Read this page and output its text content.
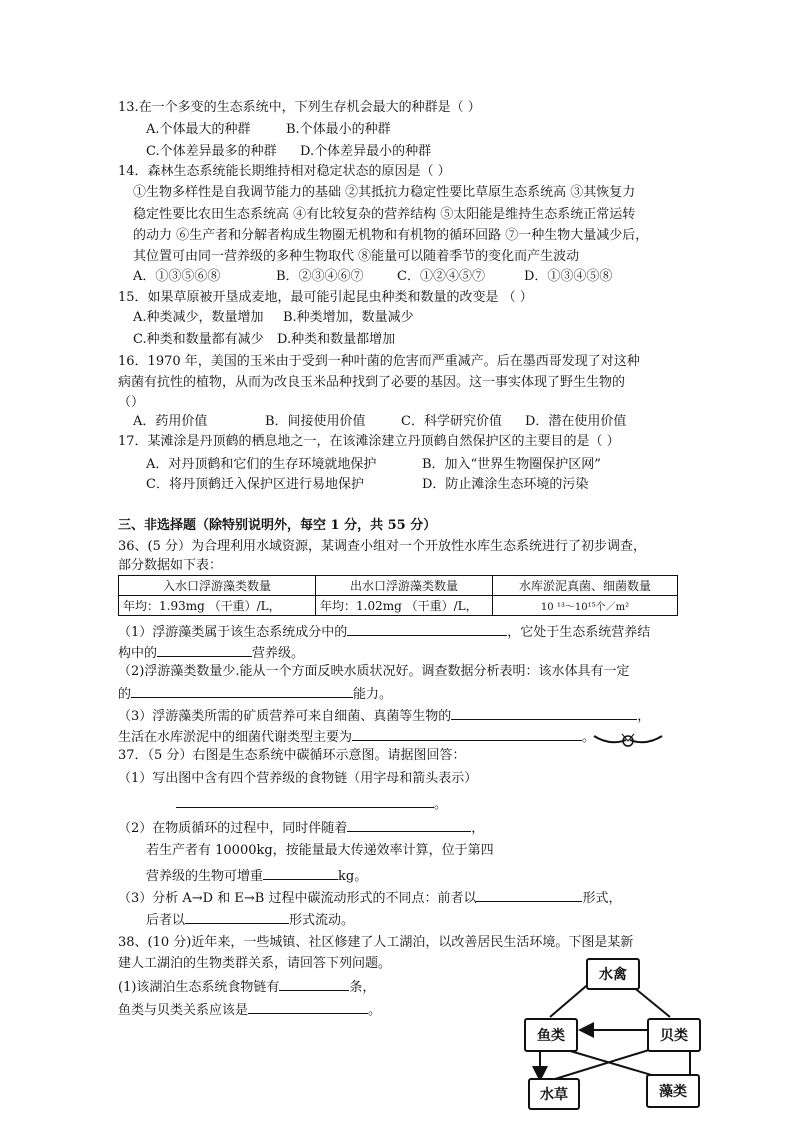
13.在一个多变的生态系统中，下列生存机会最大的种群是（ ）
A.个体最大的种群	B.个体最小的种群
C.个体差异最多的种群 D.个体差异最小的种群
14．森林生态系统能长期维持相对稳定状态的原因是（ ）
①生物多样性是自我调节能力的基础 ②其抵抗力稳定性要比草原生态系统高 ③其恢复力
稳定性要比农田生态系统高 ④有比较复杂的营养结构 ⑤太阳能是维持生态系统正常运转
的动力 ⑥生产者和分解者构成生物圈无机物和有机物的循环回路 ⑦一种生物大量减少后，
其位置可由同一营养级的多种生物取代 ⑧能量可以随着季节的变化而产生波动
A．①③⑤⑥⑧	B．②③④⑥⑦	C．①②④⑤⑦	D．①③④⑤⑧
15．如果草原被开垦成麦地，最可能引起昆虫种类和数量的改变是 （ ）
A.种类减少，数量增加 B.种类增加，数量减少
C.种类和数量都有减少 D.种类和数量都增加
16．1970 年，美国的玉米由于受到一种叶菌的危害而严重减产。后在墨西哥发现了对这种
病菌有抗性的植物，从而为改良玉米品种找到了必要的基因。这一事实体现了野生生物的
（）
A．药用价值	B．间接使用价值	C．科学研究价值 D．潜在使用价值
17．某滩涂是丹顶鹤的栖息地之一，在该滩涂建立丹顶鹤自然保护区的主要目的是（ ）
A．对丹顶鹤和它们的生存环境就地保护	B．加入“世界生物圈保护区网”
C．将丹顶鹤迁入保护区进行易地保护	D．防止滩涂生态环境的污染
三、非选择题（除特别说明外，每空 1 分，共 55 分）
36、(5 分）为合理利用水域资源，某调查小组对一个开放性水库生态系统进行了初步调查，
部分数据如下表：
入水口浮游藻类数量	出水口浮游藻类数量	水库淤泥真菌、细菌数量
年均：1.93mg （干重）/L，	年均：1.02mg （干重）/L，	10 ¹³～10¹⁵个／m²
（1）浮游藻类属于该生态系统成分中的	，它处于生态系统营养结
构中的	营养级。
（2)浮游藻类数量少.能从一个方面反映水质状况好。调查数据分析表明：该水体具有一定
的	能力。
（3）浮游藻类所需的矿质营养可来自细菌、真菌等生物的	，
生活在水库淤泥中的细菌代谢类型主要为	。
37．（5 分）右图是生态系统中碳循环示意图。请据图回答：
（1）写出图中含有四个营养级的食物链（用字母和箭头表示）
。
（2）在物质循环的过程中，同时伴随着	，
若生产者有 10000kg，按能量最大传递效率计算，位于第四
营养级的生物可增重	kg。
（3）分析 A→D 和 E→B 过程中碳流动形式的不同点：前者以	形式，
后者以	形式流动。
38、(10 分)近年来，一些城镇、社区修建了人工湖泊，以改善居民生活环境。下图是某新
建人工湖泊的生物类群关系，请回答下列问题。
(1)该湖泊生态系统食物链有	条，
鱼类与贝类关系应该是	。
水禽
鱼类	贝类
水草	藻类
